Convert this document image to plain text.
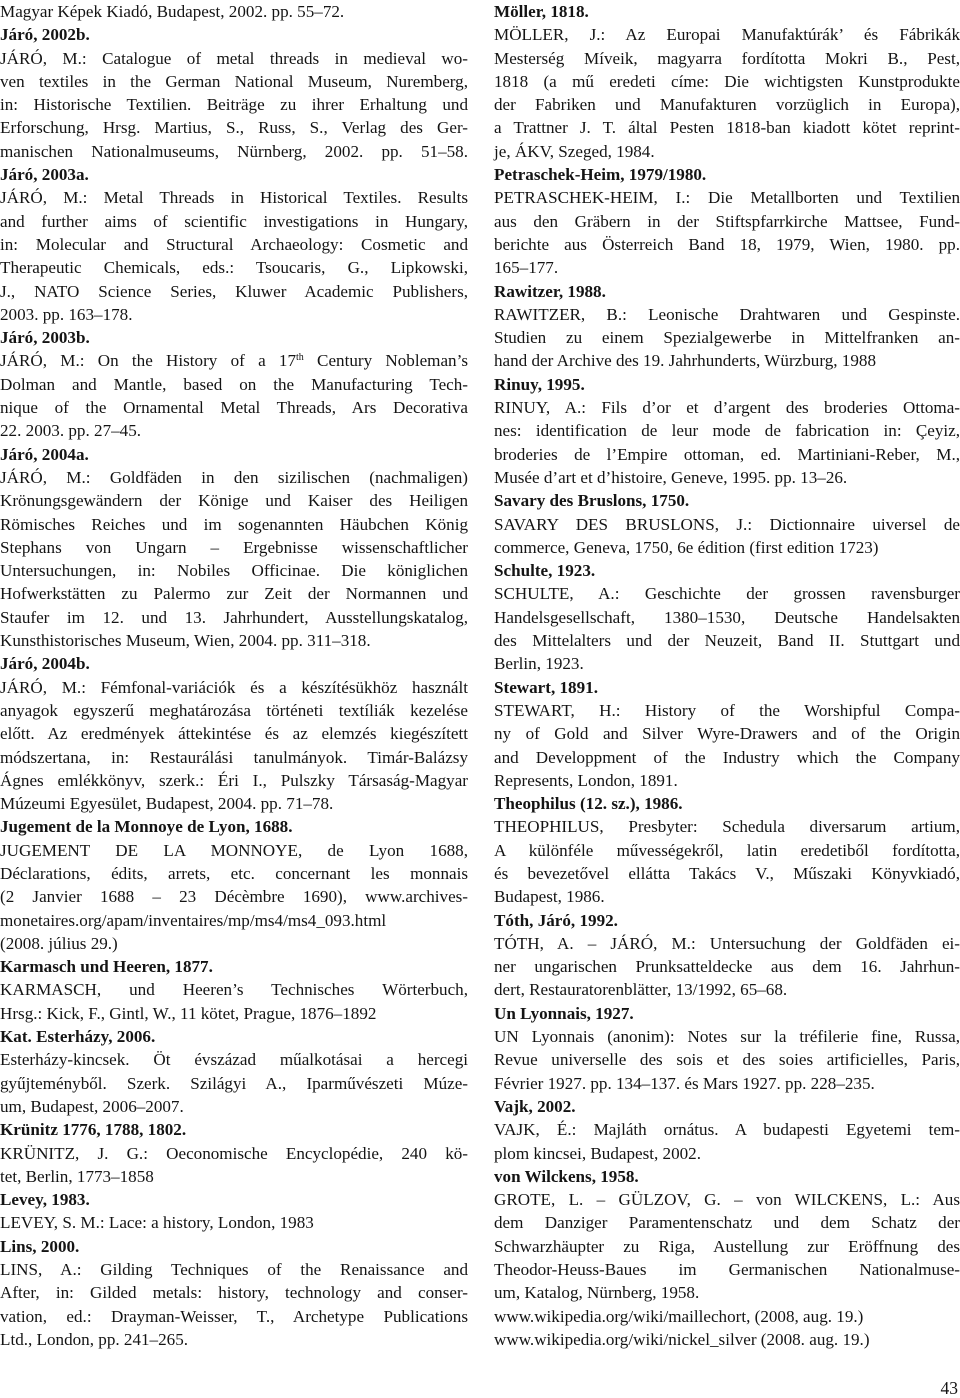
Magyar Képek Kiadó, Budapest, 2002. pp. 55–72.
Járó, 2002b.
JÁRÓ, M.: Catalogue of metal threads in medieval wo-
ven textiles in the German National Museum, Nuremberg,
in: Historische Textilien. Beiträge zu ihrer Erhaltung und
Erforschung, Hrsg. Martius, S., Russ, S., Verlag des Ger-
manischen Nationalmuseums, Nürnberg, 2002. pp. 51–58.
Járó, 2003a.
JÁRÓ, M.: Metal Threads in Historical Textiles. Results
and further aims of scientific investigations in Hungary,
in: Molecular and Structural Archaeology: Cosmetic and
Therapeutic Chemicals, eds.: Tsoucaris, G., Lipkowski,
J., NATO Science Series, Kluwer Academic Publishers,
2003. pp. 163–178.
Járó, 2003b.
JÁRÓ, M.: On the History of a 17th Century Nobleman’s
Dolman and Mantle, based on the Manufacturing Tech-
nique of the Ornamental Metal Threads, Ars Decorativa
22. 2003. pp. 27–45.
Járó, 2004a.
JÁRÓ, M.: Goldfäden in den sizilischen (nachmaligen)
Krönungsgewändern der Könige und Kaiser des Heiligen
Römisches Reiches und im sogenannten Häubchen König
Stephans von Ungarn – Ergebnisse wissenschaftlicher
Untersuchungen, in: Nobiles Officinae. Die königlichen
Hofwerkstätten zu Palermo zur Zeit der Normannen und
Staufer im 12. und 13. Jahrhundert, Ausstellungskatalog,
Kunsthistorisches Museum, Wien, 2004. pp. 311–318.
Járó, 2004b.
JÁRÓ, M.: Fémfonal-variációk és a készítésükhöz használt
anyagok egyszerű meghatározása történeti textíliák kezelése
előtt. Az eredmények áttekintése és az elemzés kiegészített
módszertana, in: Restaurálási tanulmányok. Timár-Balázsy
Ágnes emlékkönyv, szerk.: Éri I., Pulszky Társaság-Magyar
Múzeumi Egyesület, Budapest, 2004. pp. 71–78.
Jugement de la Monnoye de Lyon, 1688.
JUGEMENT DE LA MONNOYE, de Lyon 1688,
Déclarations, édits, arrets, etc. concernant les monnais
(2 Janvier 1688 – 23 Décèmbre 1690), www.archives-
monetaires.org/apam/inventaires/mp/ms4/ms4_093.html
(2008. július 29.)
Karmasch und Heeren, 1877.
KARMASCH, und Heeren’s Technisches Wörterbuch,
Hrsg.: Kick, F., Gintl, W., 11 kötet, Prague, 1876–1892
Kat. Esterházy, 2006.
Esterházy-kincsek. Öt évszázad műalkotásai a hercegi
gyűjteményből. Szerk. Szilágyi A., Iparművészeti Múze-
um, Budapest, 2006–2007.
Krünitz 1776, 1788, 1802.
KRÜNITZ, J. G.: Oeconomische Encyclopédie, 240 kö-
tet, Berlin, 1773–1858
Levey, 1983.
LEVEY, S. M.: Lace: a history, London, 1983
Lins, 2000.
LINS, A.: Gilding Techniques of the Renaissance and
After, in: Gilded metals: history, technology and conser-
vation, ed.: Drayman-Weisser, T., Archetype Publications
Ltd., London, pp. 241–265.
Möller, 1818.
MÖLLER, J.: Az Europai Manufaktúrák’ és Fábrikák
Mesterség Míveik, magyarra fordította Mokri B., Pest,
1818 (a mű eredeti címe: Die wichtigsten Kunstprodukte
der Fabriken und Manufakturen vorzüglich in Europa),
a Trattner J. T. által Pesten 1818-ban kiadott kötet reprint-
je, ÁKV, Szeged, 1984.
Petraschek-Heim, 1979/1980.
PETRASCHEK-HEIM, I.: Die Metallborten und Textilien
aus den Gräbern in der Stiftspfarrkirche Mattsee, Fund-
berichte aus Österreich Band 18, 1979, Wien, 1980. pp.
165–177.
Rawitzer, 1988.
RAWITZER, B.: Leonische Drahtwaren und Gespinste.
Studien zu einem Spezialgewerbe in Mittelfranken an-
hand der Archive des 19. Jahrhunderts, Würzburg, 1988
Rinuy, 1995.
RINUY, A.: Fils d’or et d’argent des broderies Ottoma-
nes: identification de leur mode de fabrication in: Çeyiz,
broderies de l’Empire ottoman, ed. Martiniani-Reber, M.,
Musée d’art et d’histoire, Geneve, 1995. pp. 13–26.
Savary des Bruslons, 1750.
SAVARY DES BRUSLONS, J.: Dictionnaire uiversel de
commerce, Geneva, 1750, 6e édition (first edition 1723)
Schulte, 1923.
SCHULTE, A.: Geschichte der grossen ravensburger
Handelsgesellschaft, 1380–1530, Deutsche Handelsakten
des Mittelalters und der Neuzeit, Band II. Stuttgart und
Berlin, 1923.
Stewart, 1891.
STEWART, H.: History of the Worshipful Compa-
ny of Gold and Silver Wyre-Drawers and of the Origin
and Developpment of the Industry which the Company
Represents, London, 1891.
Theophilus (12. sz.), 1986.
THEOPHILUS, Presbyter: Schedula diversarum artium,
A különféle művességekről, latin eredetiből fordította,
és bevezetővel ellátta Takács V., Műszaki Könyvkiadó,
Budapest, 1986.
Tóth, Járó, 1992.
TÓTH, A. – JÁRÓ, M.: Untersuchung der Goldfäden ei-
ner ungarischen Prunksatteldecke aus dem 16. Jahrhun-
dert, Restauratorenblätter, 13/1992, 65–68.
Un Lyonnais, 1927.
UN Lyonnais (anonim): Notes sur la tréfilerie fine, Russa,
Revue universelle des sois et des soies artificielles, Paris,
Février 1927. pp. 134–137. és Mars 1927. pp. 228–235.
Vajk, 2002.
VAJK, É.: Majláth ornátus. A budapesti Egyetemi tem-
plom kincsei, Budapest, 2002.
von Wilckens, 1958.
GROTE, L. – GÜLZOV, G. – von WILCKENS, L.: Aus
dem Danziger Paramentenschatz und dem Schatz der
Schwarzhäupter zu Riga, Austellung zur Eröffnung des
Theodor-Heuss-Baues im Germanischen Nationalmuse-
um, Katalog, Nürnberg, 1958.
www.wikipedia.org/wiki/maillechort, (2008, aug. 19.)
www.wikipedia.org/wiki/nickel_silver (2008. aug. 19.)
43
